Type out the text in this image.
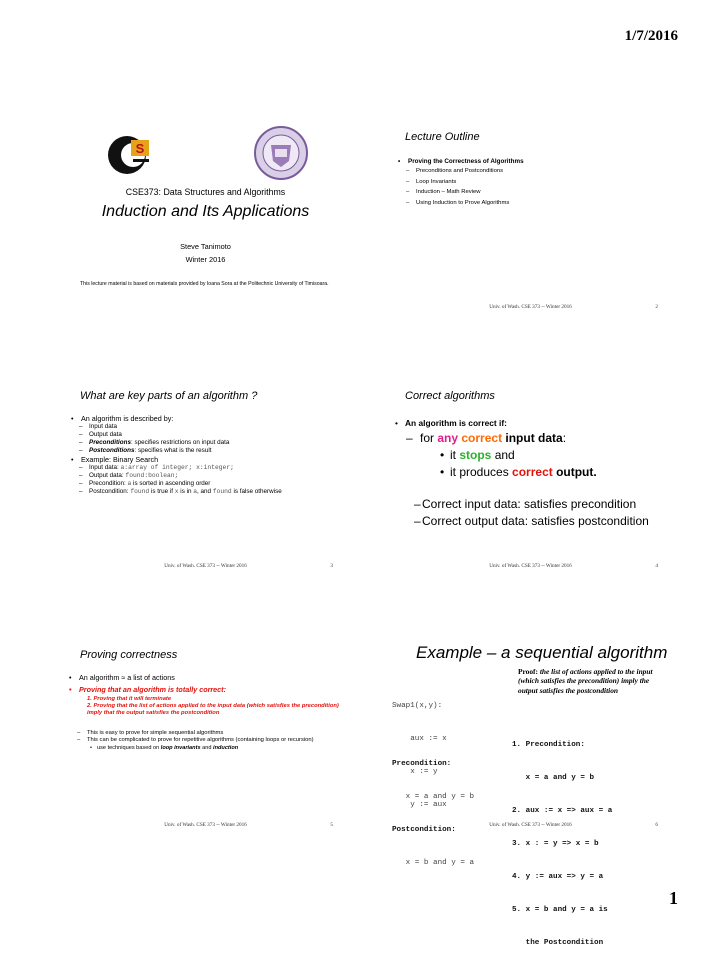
1/7/2016
S
CSE373: Data Structures and Algorithms
Induction and Its Applications
Steve Tanimoto
Winter 2016
This lecture material is based on materials provided by Ioana Sora at the Politechnic University of Timisoara.
Lecture Outline
• Proving the Correctness of Algorithms
– Preconditions and Postconditions
– Loop Invariants
– Induction – Math Review
– Using Induction to Prove Algorithms
Univ. of Wash. CSE 373 -- Winter 2016	2
What are key parts of an algorithm ?
• An algorithm is described by:
– Input data
– Output data
– Preconditions: specifies restrictions on input data
– Postconditions: specifies what is the result
• Example: Binary Search
– Input data: a:array of integer; x:integer;
– Output data: found:boolean;
– Precondition: a is sorted in ascending order
– Postcondition: found is true if x is in a, and found is false otherwise
Univ. of Wash. CSE 373 -- Winter 2016	3
Correct algorithms
• An algorithm is correct if:
– for any correct input data:
• it stops and
• it produces correct output.
– Correct input data: satisfies precondition
– Correct output data: satisfies postcondition
Univ. of Wash. CSE 373 -- Winter 2016	4
Proving correctness
• An algorithm ≈ a list of actions
• Proving that an algorithm is totally correct:
1. Proving that it will terminate
2. Proving that the list of actions applied to the input data (which satisfies the precondition) imply that the output satisfies the postcondition
– This is easy to prove for simple sequential algorithms
– This can be complicated to prove for repetitive algorithms (containing loops or recursion)
• use techniques based on loop invariants and induction
Univ. of Wash. CSE 373 -- Winter 2016	5
Example – a sequential algorithm

Swap1(x,y):

aux := x

x := y

y := aux

Precondition:

x = a and y = b

Postcondition:

x = b and y = a

Proof: the list of actions applied to the input (which satisfies the precondition) imply the output satisfies the postcondition

1. Precondition:

x = a and y = b

2. aux := x => aux = a

3. x : = y => x = b

4. y := aux => y = a

5. x = b and y = a is

the Postcondition

Univ. of Wash. CSE 373 -- Winter 2016	6
1
